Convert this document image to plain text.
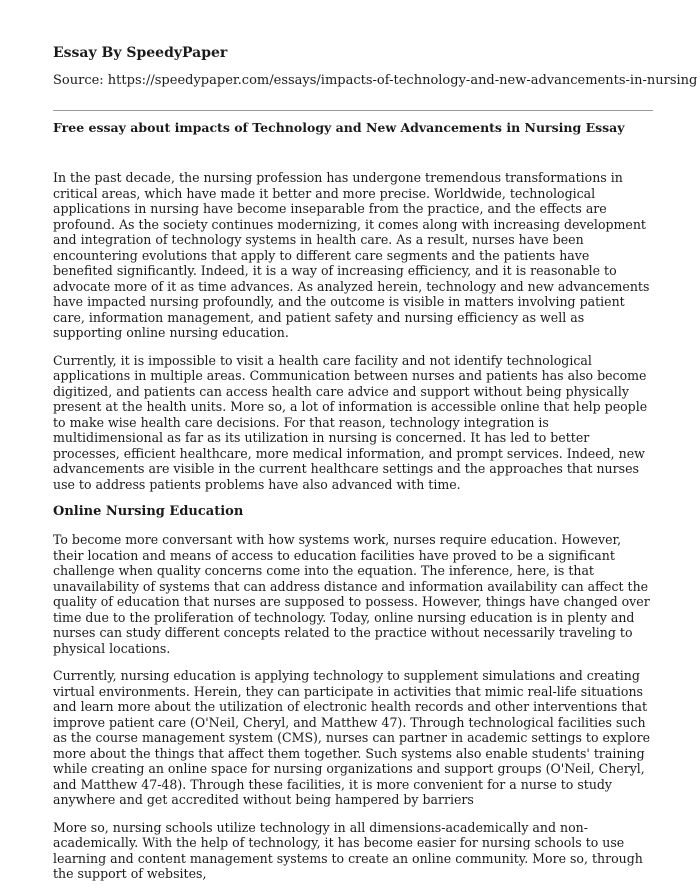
Essay By SpeedyPaper
Source: https://speedypaper.com/essays/impacts-of-technology-and-new-advancements-in-nursing
Free essay about impacts of Technology and New Advancements in Nursing Essay

In the past decade, the nursing profession has undergone tremendous transformations in critical areas, which have made it better and more precise. Worldwide, technological applications in nursing have become inseparable from the practice, and the effects are profound. As the society continues modernizing, it comes along with increasing development and integration of technology systems in health care. As a result, nurses have been encountering evolutions that apply to different care segments and the patients have benefited significantly. Indeed, it is a way of increasing efficiency, and it is reasonable to advocate more of it as time advances. As analyzed herein, technology and new advancements have impacted nursing profoundly, and the outcome is visible in matters involving patient care, information management, and patient safety and nursing efficiency as well as supporting online nursing education.

Currently, it is impossible to visit a health care facility and not identify technological applications in multiple areas. Communication between nurses and patients has also become digitized, and patients can access health care advice and support without being physically present at the health units. More so, a lot of information is accessible online that help people to make wise health care decisions. For that reason, technology integration is multidimensional as far as its utilization in nursing is concerned. It has led to better processes, efficient healthcare, more medical information, and prompt services. Indeed, new advancements are visible in the current healthcare settings and the approaches that nurses use to address patients problems have also advanced with time.

Online Nursing Education

To become more conversant with how systems work, nurses require education. However, their location and means of access to education facilities have proved to be a significant challenge when quality concerns come into the equation. The inference, here, is that unavailability of systems that can address distance and information availability can affect the quality of education that nurses are supposed to possess. However, things have changed over time due to the proliferation of technology. Today, online nursing education is in plenty and nurses can study different concepts related to the practice without necessarily traveling to physical locations.

Currently, nursing education is applying technology to supplement simulations and creating virtual environments. Herein, they can participate in activities that mimic real-life situations and learn more about the utilization of electronic health records and other interventions that improve patient care (O'Neil, Cheryl, and Matthew 47). Through technological facilities such as the course management system (CMS), nurses can partner in academic settings to explore more about the things that affect them together. Such systems also enable students' training while creating an online space for nursing organizations and support groups (O'Neil, Cheryl, and Matthew 47-48). Through these facilities, it is more convenient for a nurse to study anywhere and get accredited without being hampered by barriers

More so, nursing schools utilize technology in all dimensions-academically and non-academically. With the help of technology, it has become easier for nursing schools to use learning and content management systems to create an online community. More so, through the support of websites,
